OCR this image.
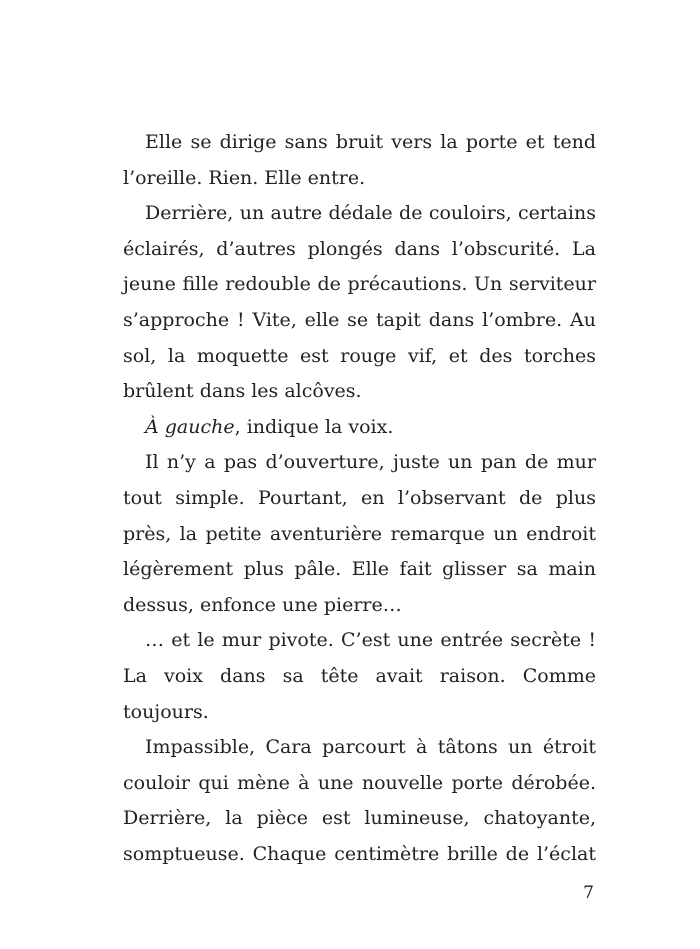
Elle se dirige sans bruit vers la porte et tend l’oreille. Rien. Elle entre.

Derrière, un autre dédale de couloirs, certains éclairés, d’autres plongés dans l’obscurité. La jeune fille redouble de précautions. Un serviteur s’approche ! Vite, elle se tapit dans l’ombre. Au sol, la moquette est rouge vif, et des torches brûlent dans les alcôves.

À gauche, indique la voix.

Il n’y a pas d’ouverture, juste un pan de mur tout simple. Pourtant, en l’observant de plus près, la petite aventurière remarque un endroit légèrement plus pâle. Elle fait glisser sa main dessus, enfonce une pierre…

… et le mur pivote. C’est une entrée secrète ! La voix dans sa tête avait raison. Comme toujours.

Impassible, Cara parcourt à tâtons un étroit couloir qui mène à une nouvelle porte dérobée. Derrière, la pièce est lumineuse, chatoyante, somptueuse. Chaque centimètre brille de l’éclat

7
